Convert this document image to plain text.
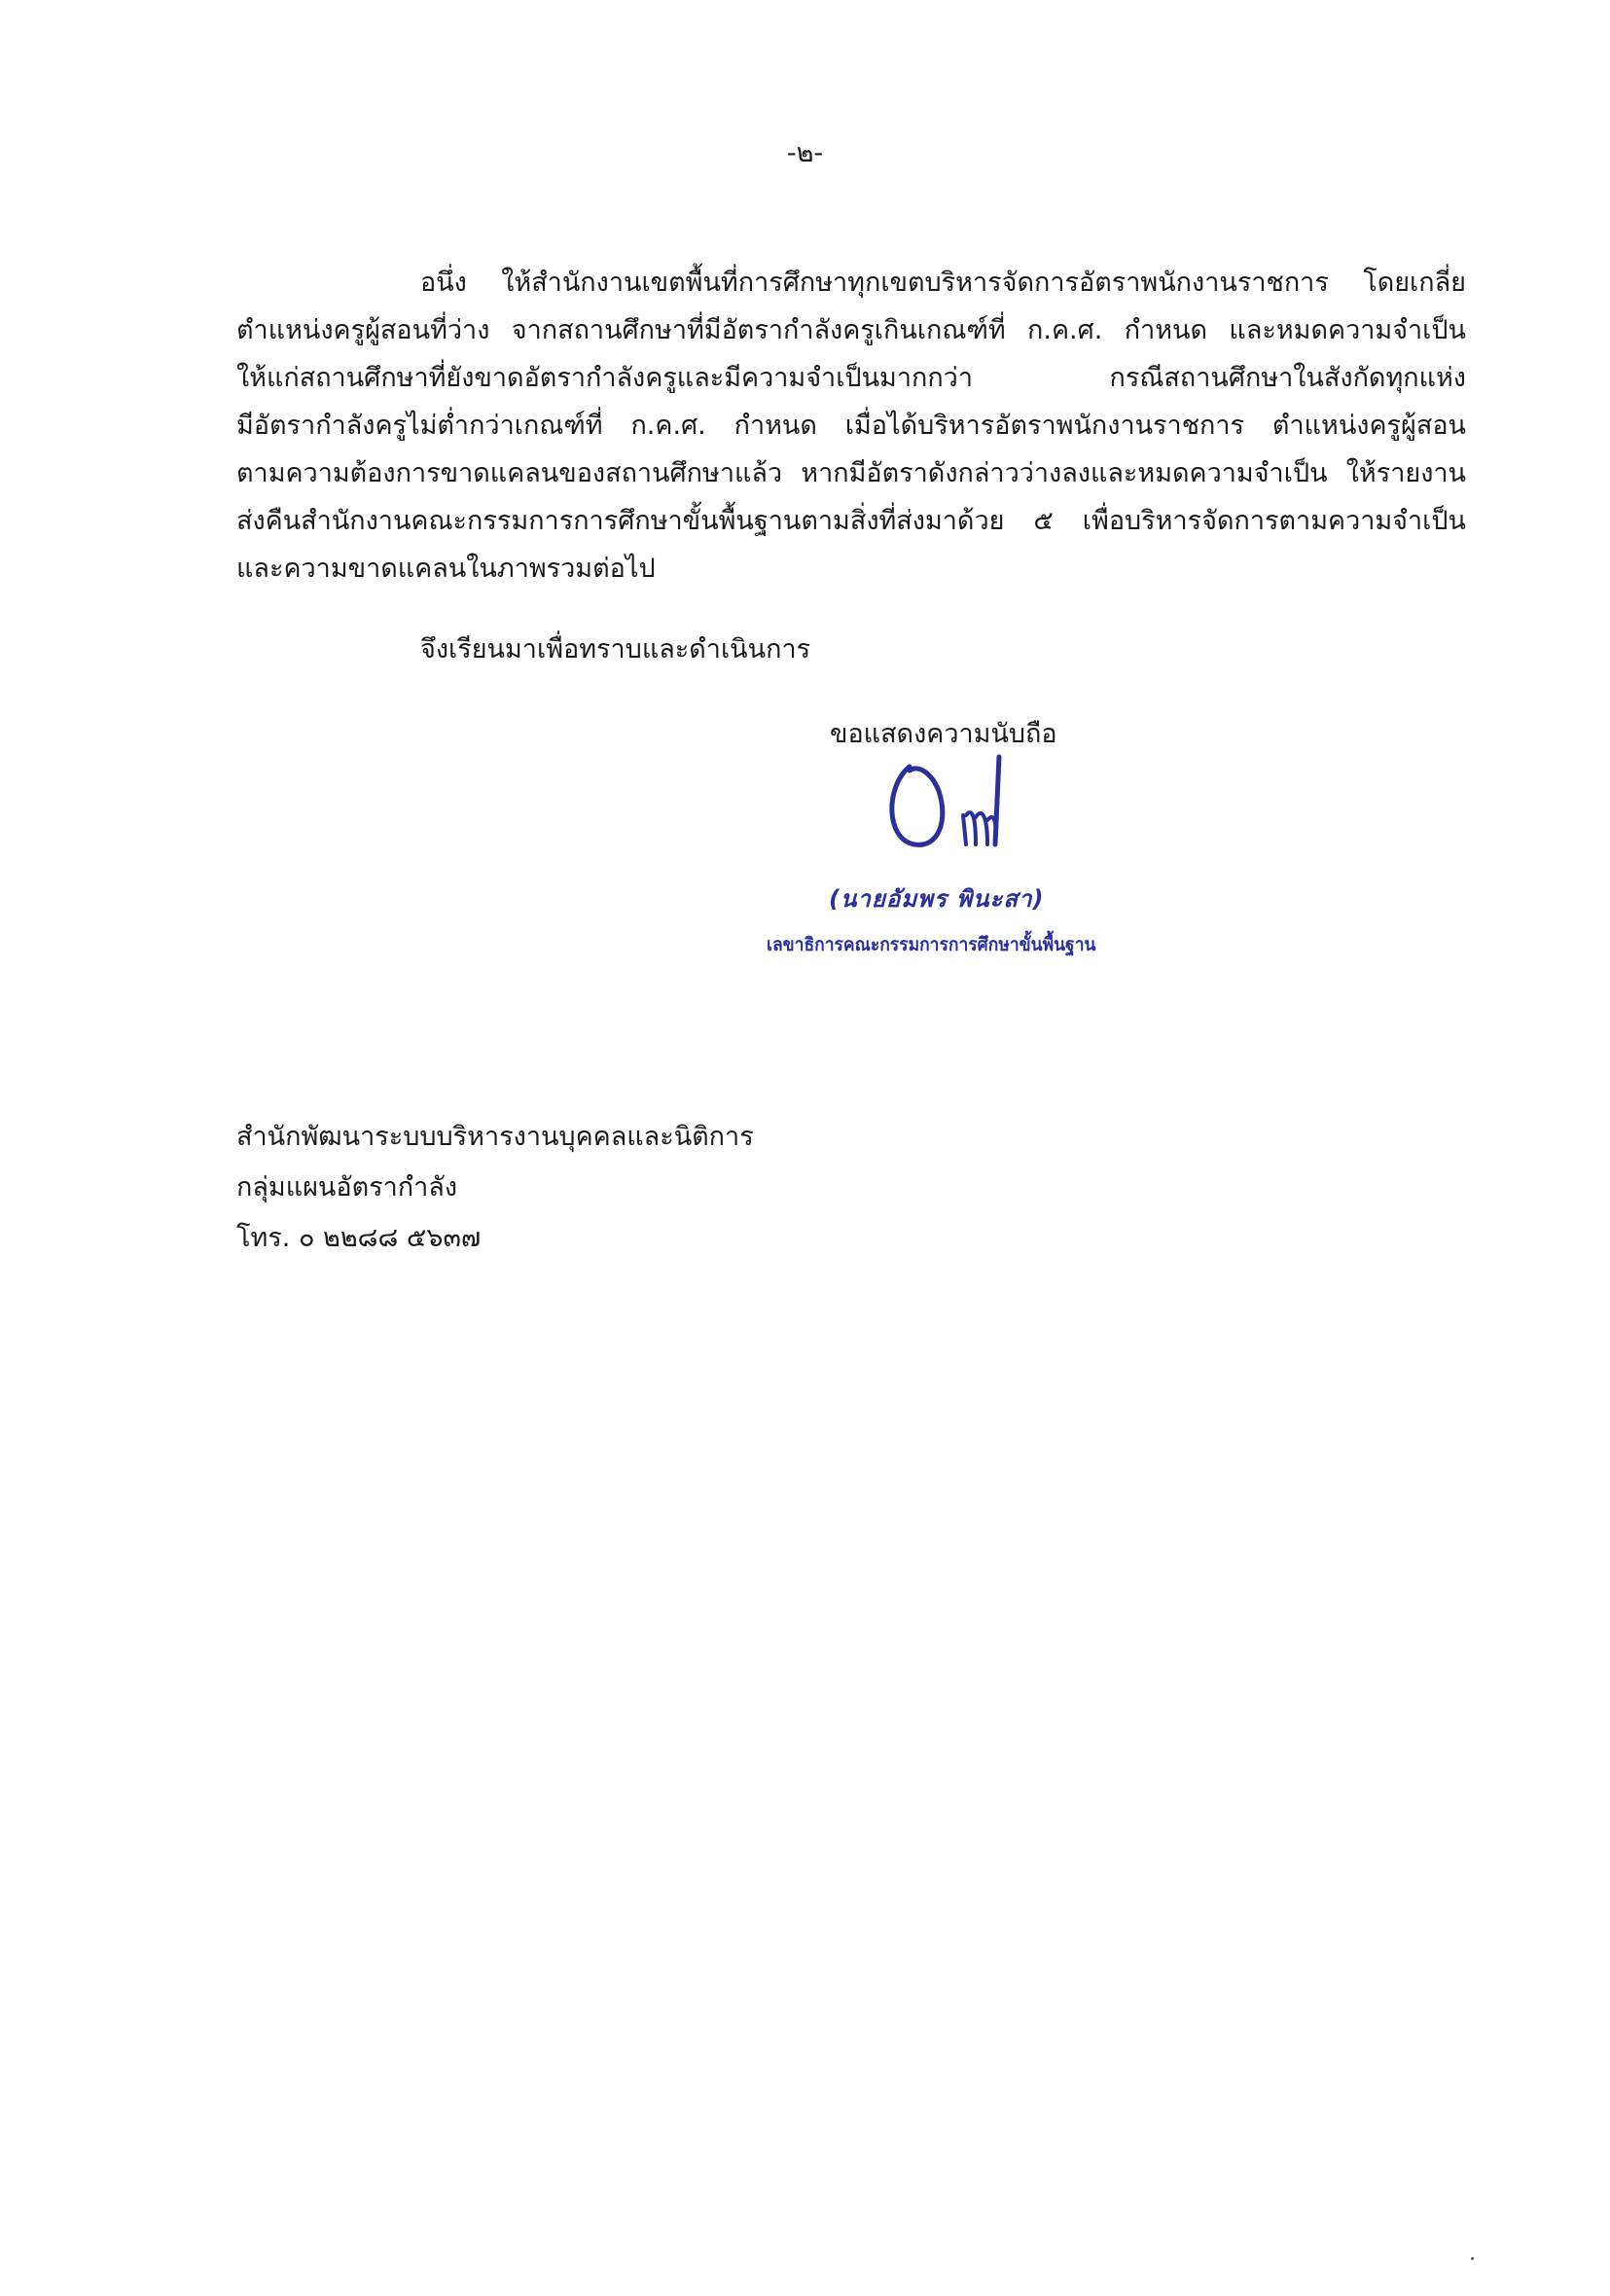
-๒-
อนึ่ง ให้สำนักงานเขตพื้นที่การศึกษาทุกเขตบริหารจัดการอัตราพนักงานราชการ โดยเกลี่ย
ตำแหน่งครูผู้สอนที่ว่าง จากสถานศึกษาที่มีอัตรากำลังครูเกินเกณฑ์ที่ ก.ค.ศ. กำหนด และหมดความจำเป็น
ให้แก่สถานศึกษาที่ยังขาดอัตรากำลังครูและมีความจำเป็นมากกว่า กรณีสถานศึกษาในสังกัดทุกแห่ง
มีอัตรากำลังครูไม่ต่ำกว่าเกณฑ์ที่ ก.ค.ศ. กำหนด เมื่อได้บริหารอัตราพนักงานราชการ ตำแหน่งครูผู้สอน
ตามความต้องการขาดแคลนของสถานศึกษาแล้ว หากมีอัตราดังกล่าวว่างลงและหมดความจำเป็น ให้รายงาน
ส่งคืนสำนักงานคณะกรรมการการศึกษาขั้นพื้นฐานตามสิ่งที่ส่งมาด้วย ๕ เพื่อบริหารจัดการตามความจำเป็น
และความขาดแคลนในภาพรวมต่อไป
จึงเรียนมาเพื่อทราบและดำเนินการ
ขอแสดงความนับถือ
(นายอัมพร พินะสา)
เลขาธิการคณะกรรมการการศึกษาขั้นพื้นฐาน
สำนักพัฒนาระบบบริหารงานบุคคลและนิติการ
กลุ่มแผนอัตรากำลัง
โทร. ๐ ๒๒๘๘ ๕๖๓๗
